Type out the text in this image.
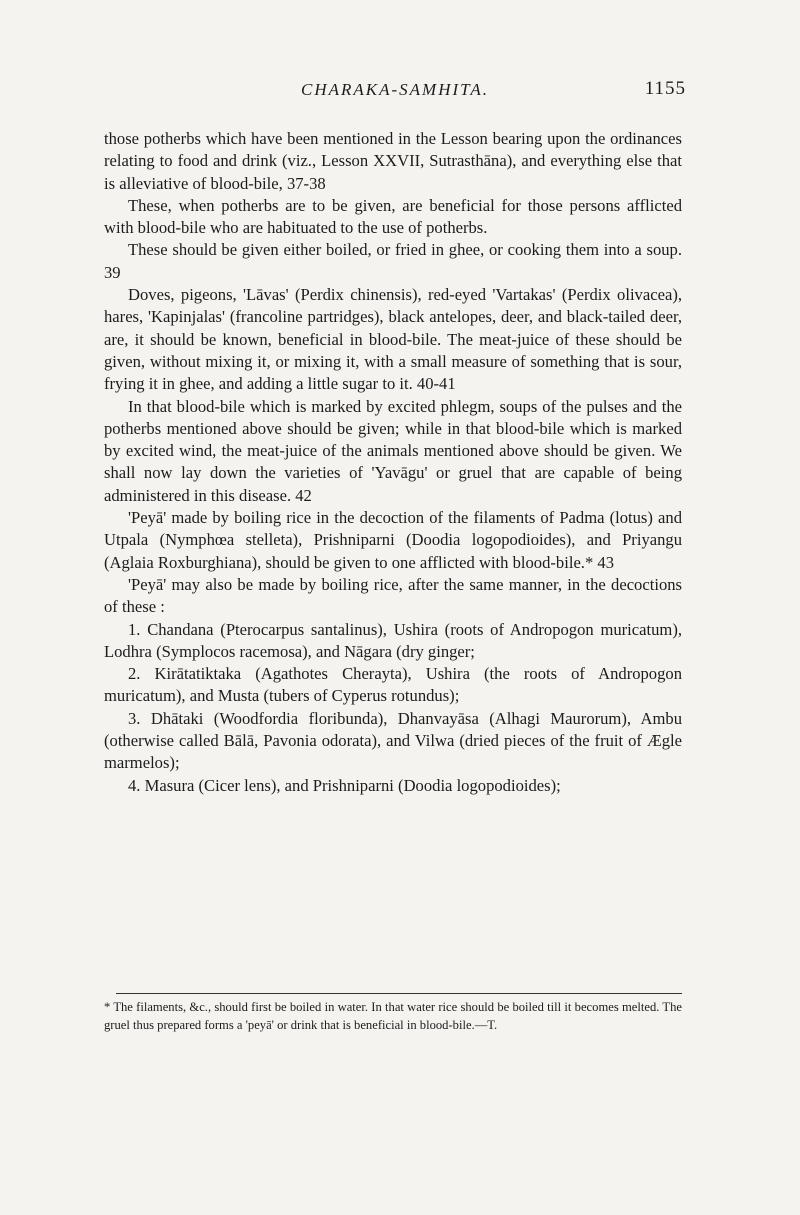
CHARAKA-SAMHITA.	1155

those potherbs which have been mentioned in the Lesson bearing upon the ordinances relating to food and drink (viz., Lesson XXVII, Sutrasthāna), and everything else that is alleviative of blood-bile, 37-38

These, when potherbs are to be given, are beneficial for those persons afflicted with blood-bile who are habituated to the use of potherbs.

These should be given either boiled, or fried in ghee, or cooking them into a soup. 39

Doves, pigeons, 'Lāvas' (Perdix chinensis), red-eyed 'Vartakas' (Perdix olivacea), hares, 'Kapinjalas' (francoline partridges), black antelopes, deer, and black-tailed deer, are, it should be known, beneficial in blood-bile. The meat-juice of these should be given, without mixing it, or mixing it, with a small measure of something that is sour, frying it in ghee, and adding a little sugar to it. 40-41

In that blood-bile which is marked by excited phlegm, soups of the pulses and the potherbs mentioned above should be given; while in that blood-bile which is marked by excited wind, the meat-juice of the animals mentioned above should be given. We shall now lay down the varieties of 'Yavāgu' or gruel that are capable of being administered in this disease. 42

'Peyā' made by boiling rice in the decoction of the filaments of Padma (lotus) and Utpala (Nymphœa stelleta), Prishniparni (Doodia logopodioides), and Priyangu (Aglaia Roxburghiana), should be given to one afflicted with blood-bile.* 43

'Peyā' may also be made by boiling rice, after the same manner, in the decoctions of these :

1. Chandana (Pterocarpus santalinus), Ushira (roots of Andropogon muricatum), Lodhra (Symplocos racemosa), and Nāgara (dry ginger;

2. Kirātatiktaka (Agathotes Cherayta), Ushira (the roots of Andropogon muricatum), and Musta (tubers of Cyperus rotundus);

3. Dhātaki (Woodfordia floribunda), Dhanvayāsa (Alhagi Maurorum), Ambu (otherwise called Bālā, Pavonia odorata), and Vilwa (dried pieces of the fruit of Ægle marmelos);

4. Masura (Cicer lens), and Prishniparni (Doodia logopodioides);

* The filaments, &c., should first be boiled in water. In that water rice should be boiled till it becomes melted. The gruel thus prepared forms a 'peyā' or drink that is beneficial in blood-bile.—T.
